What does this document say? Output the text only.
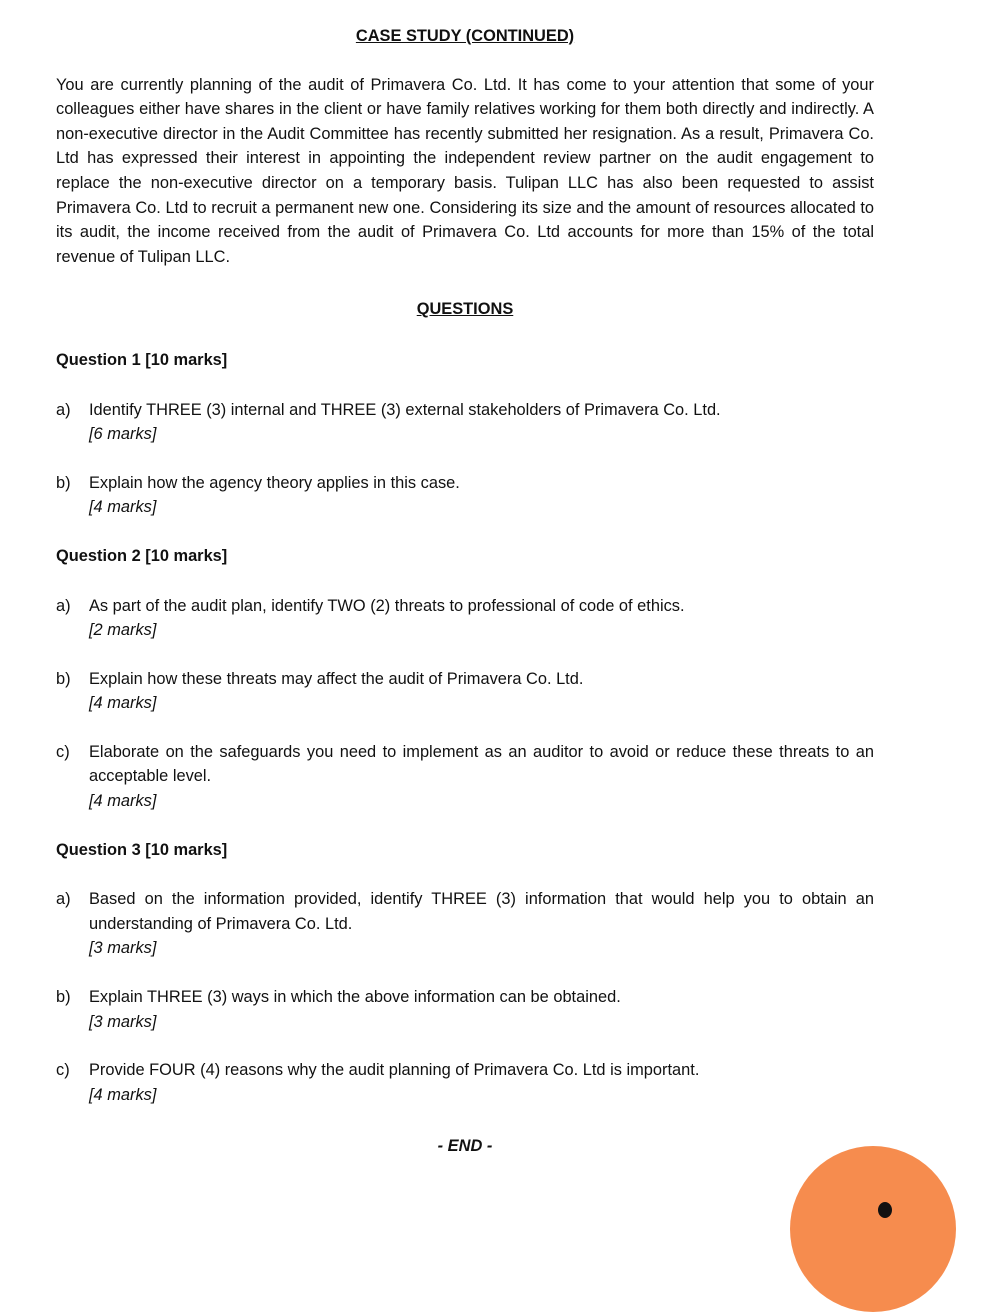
CASE STUDY (CONTINUED)

You are currently planning of the audit of Primavera Co. Ltd. It has come to your attention that some of your colleagues either have shares in the client or have family relatives working for them both directly and indirectly. A non-executive director in the Audit Committee has recently submitted her resignation. As a result, Primavera Co. Ltd has expressed their interest in appointing the independent review partner on the audit engagement to replace the non-executive director on a temporary basis. Tulipan LLC has also been requested to assist Primavera Co. Ltd to recruit a permanent new one. Considering its size and the amount of resources allocated to its audit, the income received from the audit of Primavera Co. Ltd accounts for more than 15% of the total revenue of Tulipan LLC.

QUESTIONS
Question 1 [10 marks]
a) Identify THREE (3) internal and THREE (3) external stakeholders of Primavera Co. Ltd.
[6 marks]
b) Explain how the agency theory applies in this case.
[4 marks]
Question 2 [10 marks]
a) As part of the audit plan, identify TWO (2) threats to professional of code of ethics.
[2 marks]
b) Explain how these threats may affect the audit of Primavera Co. Ltd.
[4 marks]
c) Elaborate on the safeguards you need to implement as an auditor to avoid or reduce these threats to an acceptable level.
[4 marks]
Question 3 [10 marks]
a) Based on the information provided, identify THREE (3) information that would help you to obtain an understanding of Primavera Co. Ltd.
[3 marks]
b) Explain THREE (3) ways in which the above information can be obtained.
[3 marks]
c) Provide FOUR (4) reasons why the audit planning of Primavera Co. Ltd is important.
[4 marks]
- END -
